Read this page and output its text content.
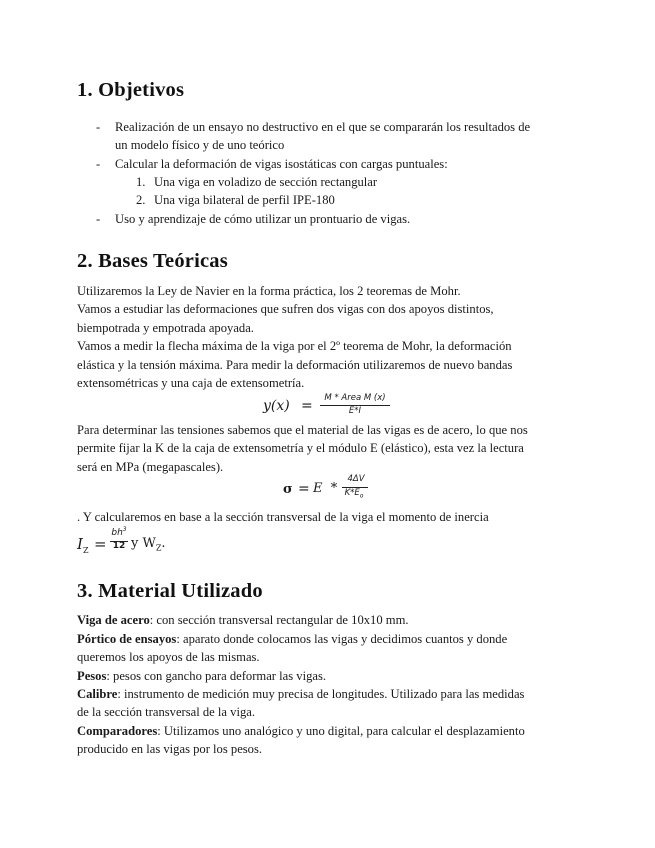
1. Objetivos
- Realización de un ensayo no destructivo en el que se compararán los resultados de

un modelo físico y de uno teórico

- Calcular la deformación de vigas isostáticas con cargas puntuales:

1. Una viga en voladizo de sección rectangular

2. Una viga bilateral de perfil IPE-180

- Uso y aprendizaje de cómo utilizar un prontuario de vigas.

2. Bases Teóricas

Utilizaremos la Ley de Navier en la forma práctica, los 2 teoremas de Mohr.

Vamos a estudiar las deformaciones que sufren dos vigas con dos apoyos distintos,

biempotrada y empotrada apoyada.

Vamos a medir la flecha máxima de la viga por el 2º teorema de Mohr, la deformación

elástica y la tensión máxima. Para medir la deformación utilizaremos de nuevo bandas

extensométricas y una caja de extensometría.

y(x) =	M * Area M (x)
E*I

Para determinar las tensiones sabemos que el material de las vigas es de acero, lo que nos

permite fijar la K de la caja de extensometría y el módulo E (elástico), esta vez la lectura

será en MPa (megapascales).

σ = E  *
4ΔV
$K*E_o$

. Y calcularemos en base a la sección transversal de la viga el momento de inercia

$I_Z$ =
$bh^3$
12 y $W_Z$.
3. Material Utilizado

Viga de acero: con sección transversal rectangular de 10x10 mm.

Pórtico de ensayos: aparato donde colocamos las vigas y decidimos cuantos y donde

queremos los apoyos de las mismas.

Pesos: pesos con gancho para deformar las vigas.

Calibre: instrumento de medición muy precisa de longitudes. Utilizado para las medidas

de la sección transversal de la viga.

Comparadores: Utilizamos uno analógico y uno digital, para calcular el desplazamiento

producido en las vigas por los pesos.
